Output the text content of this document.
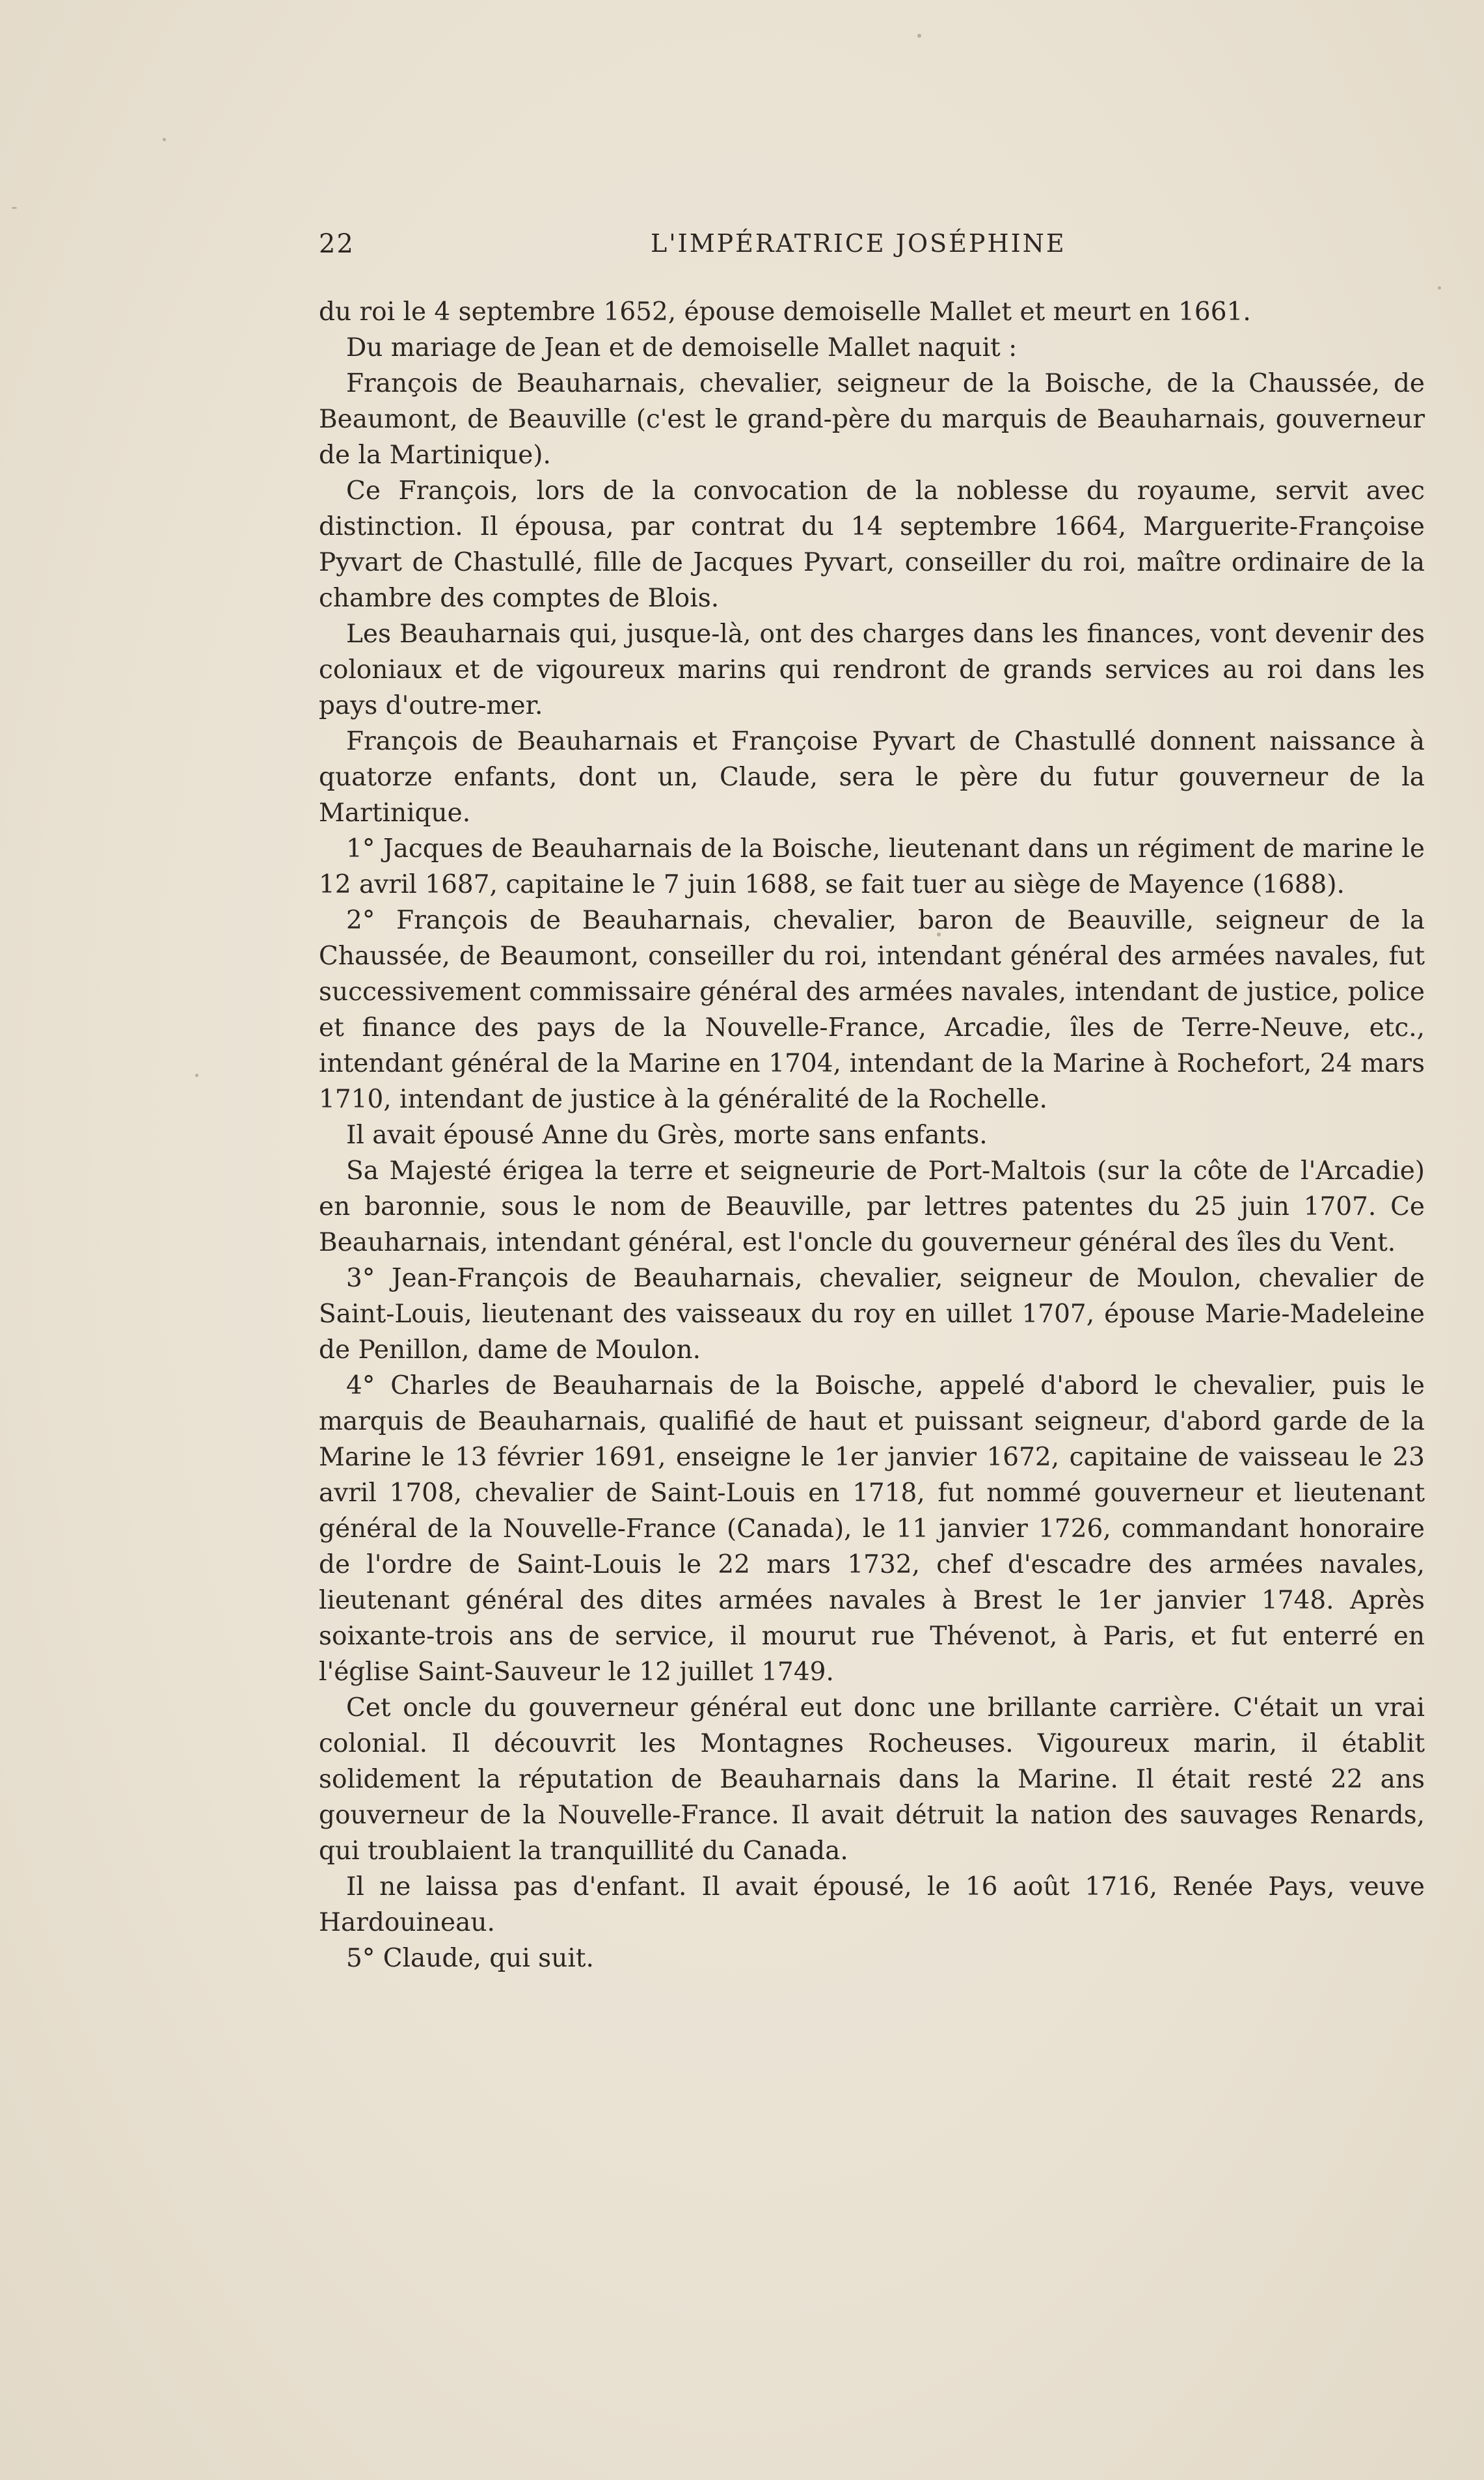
22	L'IMPÉRATRICE JOSÉPHINE

du roi le 4 septembre 1652, épouse demoiselle Mallet et meurt en 1661.

Du mariage de Jean et de demoiselle Mallet naquit :

François de Beauharnais, chevalier, seigneur de la Boische, de la Chaussée, de Beaumont, de Beauville (c'est le grand-père du marquis de Beauharnais, gouverneur de la Martinique).

Ce François, lors de la convocation de la noblesse du royaume, servit avec distinction. Il épousa, par contrat du 14 septembre 1664, Marguerite-Françoise Pyvart de Chastullé, fille de Jacques Pyvart, conseiller du roi, maître ordinaire de la chambre des comptes de Blois.

Les Beauharnais qui, jusque-là, ont des charges dans les finances, vont devenir des coloniaux et de vigoureux marins qui rendront de grands services au roi dans les pays d'outre-mer.

François de Beauharnais et Françoise Pyvart de Chastullé donnent naissance à quatorze enfants, dont un, Claude, sera le père du futur gouverneur de la Martinique.

1° Jacques de Beauharnais de la Boische, lieutenant dans un régiment de marine le 12 avril 1687, capitaine le 7 juin 1688, se fait tuer au siège de Mayence (1688).

2° François de Beauharnais, chevalier, baron de Beauville, seigneur de la Chaussée, de Beaumont, conseiller du roi, intendant général des armées navales, fut successivement commissaire général des armées navales, intendant de justice, police et finance des pays de la Nouvelle-France, Arcadie, îles de Terre-Neuve, etc., intendant général de la Marine en 1704, intendant de la Marine à Rochefort, 24 mars 1710, intendant de justice à la généralité de la Rochelle.

Il avait épousé Anne du Grès, morte sans enfants.

Sa Majesté érigea la terre et seigneurie de Port-Maltois (sur la côte de l'Arcadie) en baronnie, sous le nom de Beauville, par lettres patentes du 25 juin 1707. Ce Beauharnais, intendant général, est l'oncle du gouverneur général des îles du Vent.

3° Jean-François de Beauharnais, chevalier, seigneur de Moulon, chevalier de Saint-Louis, lieutenant des vaisseaux du roy en uillet 1707, épouse Marie-Madeleine de Penillon, dame de Moulon.

4° Charles de Beauharnais de la Boische, appelé d'abord le chevalier, puis le marquis de Beauharnais, qualifié de haut et puissant seigneur, d'abord garde de la Marine le 13 février 1691, enseigne le 1er janvier 1672, capitaine de vaisseau le 23 avril 1708, chevalier de Saint-Louis en 1718, fut nommé gouverneur et lieutenant général de la Nouvelle-France (Canada), le 11 janvier 1726, commandant honoraire de l'ordre de Saint-Louis le 22 mars 1732, chef d'escadre des armées navales, lieutenant général des dites armées navales à Brest le 1er janvier 1748. Après soixante-trois ans de service, il mourut rue Thévenot, à Paris, et fut enterré en l'église Saint-Sauveur le 12 juillet 1749.

Cet oncle du gouverneur général eut donc une brillante carrière. C'était un vrai colonial. Il découvrit les Montagnes Rocheuses. Vigoureux marin, il établit solidement la réputation de Beauharnais dans la Marine. Il était resté 22 ans gouverneur de la Nouvelle-France. Il avait détruit la nation des sauvages Renards, qui troublaient la tranquillité du Canada.

Il ne laissa pas d'enfant. Il avait épousé, le 16 août 1716, Renée Pays, veuve Hardouineau.

5° Claude, qui suit.
